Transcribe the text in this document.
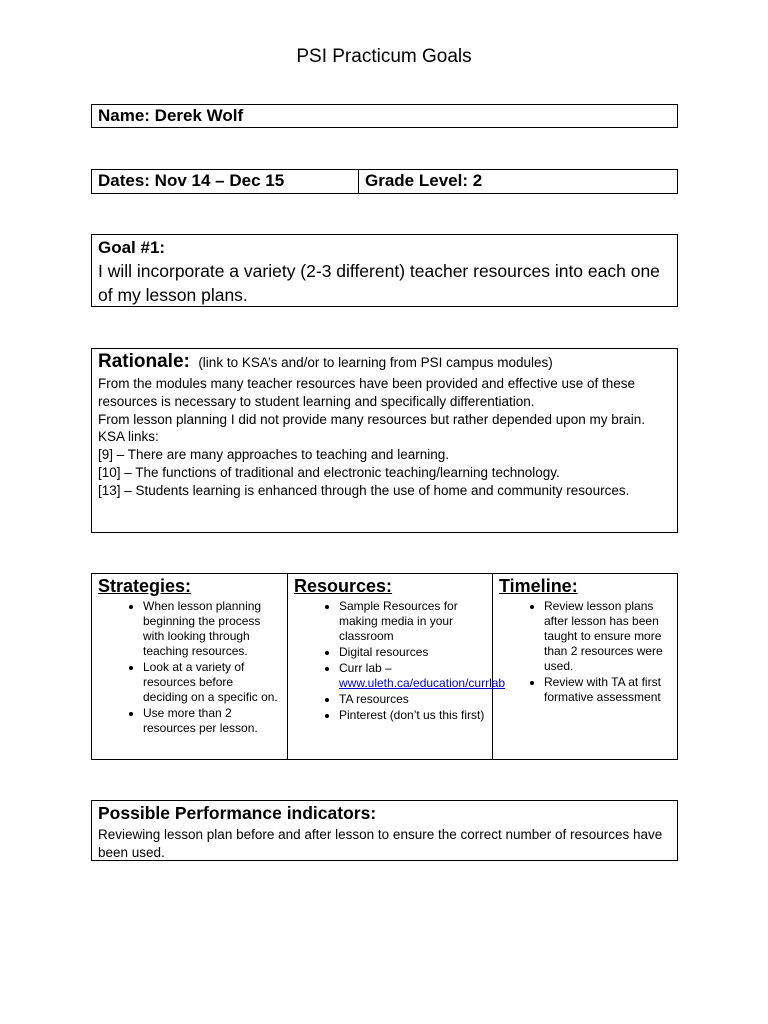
PSI Practicum Goals
Name: Derek Wolf
Dates: Nov 14 – Dec 15	Grade Level: 2
Goal #1:
I will incorporate a variety (2-3 different) teacher resources into each one of my lesson plans.
Rationale: (link to KSA’s and/or to learning from PSI campus modules)
From the modules many teacher resources have been provided and effective use of these resources is necessary to student learning and specifically differentiation.
From lesson planning I did not provide many resources but rather depended upon my brain.
KSA links:
[9] – There are many approaches to teaching and learning.
[10] – The functions of traditional and electronic teaching/learning technology.
[13] – Students learning is enhanced through the use of home and community resources.
Strategies:
• When lesson planning beginning the process with looking through teaching resources.
• Look at a variety of resources before deciding on a specific on.
• Use more than 2 resources per lesson.
Resources:
• Sample Resources for making media in your classroom
• Digital resources
• Curr lab –
www.uleth.ca/education/currlab
• TA resources
• Pinterest (don’t us this first)
Timeline:
• Review lesson plans after lesson has been taught to ensure more than 2 resources were used.
• Review with TA at first formative assessment
Possible Performance indicators:
Reviewing lesson plan before and after lesson to ensure the correct number of resources have been used.
